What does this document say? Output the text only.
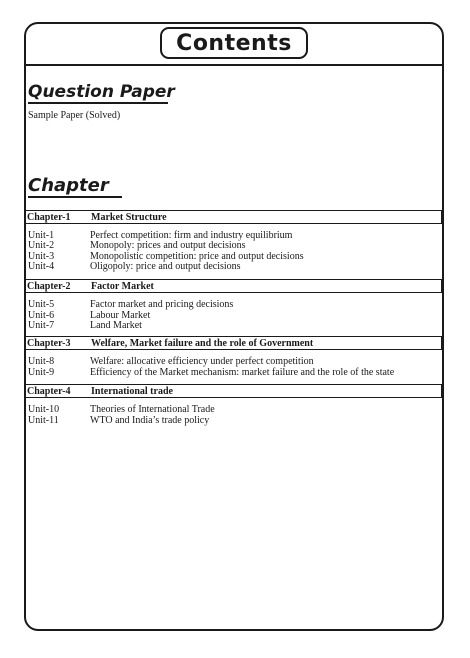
Contents
Question Paper
Sample Paper (Solved)
Chapter
Chapter-1	Market Structure
Unit-1	Perfect competition: firm and industry equilibrium
Unit-2	Monopoly: prices and output decisions
Unit-3	Monopolistic competition: price and output decisions
Unit-4	Oligopoly: price and output decisions
Chapter-2	Factor Market
Unit-5	Factor market and pricing decisions
Unit-6	Labour Market
Unit-7	Land Market
Chapter-3	Welfare, Market failure and the role of Government
Unit-8	Welfare: allocative efficiency under perfect competition
Unit-9	Efficiency of the Market mechanism: market failure and the role of the state
Chapter-4	International trade
Unit-10	Theories of International Trade
Unit-11	WTO and India’s trade policy
